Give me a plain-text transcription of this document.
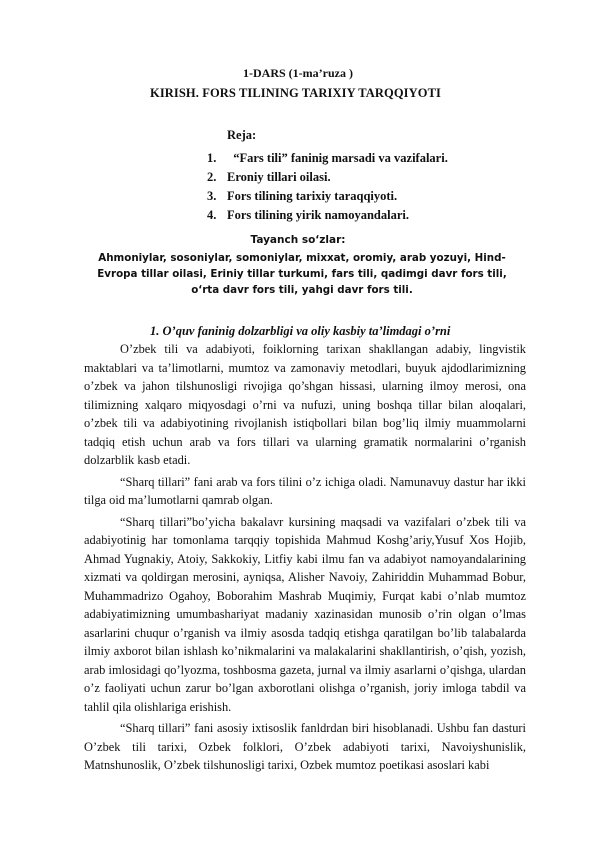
1-DARS (1-ma’ruza )
KIRISH. FORS TILINING TARIXIY TARQQIYOTI
Reja:
1.  “Fars tili” faninig marsadi va vazifalari.
2. Eroniy tillari oilasi.
3. Fors tilining tarixiy taraqqiyoti.
4. Fors tilining yirik namoyandalari.
Tayanch so‘zlar:
Ahmoniylar, sosoniylar, somoniylar, mixxat, oromiy, arab yozuyi, Hind-Evropa tillar oilasi, Eriniy tillar turkumi, fars tili, qadimgi davr fors tili, o‘rta davr fors tili, yahgi davr fors tili.
1. O’quv faninig dolzarbligi va oliy kasbiy ta’limdagi o’rni

O’zbek tili va adabiyoti, foiklorning tarixan shakllangan adabiy, lingvistik maktablari va ta’limotlarni, mumtoz va zamonaviy metodlari, buyuk ajdodlarimizning o’zbek va jahon tilshunosligi rivojiga qo’shgan hissasi, ularning ilmoy merosi, ona tilimizning xalqaro miqyosdagi o’rni va nufuzi, uning boshqa tillar bilan aloqalari, o’zbek tili va adabiyotining rivojlanish istiqbollari bilan bog’liq ilmiy muammolarni tadqiq etish uchun arab va fors tillari va ularning gramatik normalarini o’rganish dolzarblik kasb etadi.

“Sharq tillari” fani arab va fors tilini o’z ichiga oladi. Namunavuy dastur har ikki tilga oid ma’lumotlarni qamrab olgan.

“Sharq tillari”bo’yicha bakalavr kursining maqsadi va vazifalari o’zbek tili va adabiyotinig har tomonlama tarqqiy topishida Mahmud Koshg’ariy,Yusuf Xos Hojib, Ahmad Yugnakiy, Atoiy, Sakkokiy, Litfiy kabi ilmu fan va adabiyot namoyandalarining xizmati va qoldirgan merosini, ayniqsa, Alisher Navoiy, Zahiriddin Muhammad Bobur, Muhammadrizo Ogahoy, Boborahim Mashrab Muqimiy, Furqat kabi o’nlab mumtoz adabiyatimizning umumbashariyat madaniy xazinasidan munosib o’rin olgan o’lmas asarlarini chuqur o’rganish va ilmiy asosda tadqiq etishga qaratilgan bo’lib talabalarda ilmiy axborot bilan ishlash ko’nikmalarini va malakalarini shakllantirish, o’qish, yozish, arab imlosidagi qo’lyozma, toshbosma gazeta, jurnal va ilmiy asarlarni o’qishga, ulardan o’z faoliyati uchun zarur bo’lgan axborotlani olishga o’rganish, joriy imloga tabdil va tahlil qila olishlariga erishish.

“Sharq tillari” fani asosiy ixtisoslik fanldrdan biri hisoblanadi. Ushbu fan dasturi O’zbek tili tarixi, Ozbek folklori, O’zbek adabiyoti tarixi, Navoiyshunislik, Matnshunoslik, O’zbek tilshunosligi tarixi, Ozbek mumtoz poetikasi asoslari kabi
